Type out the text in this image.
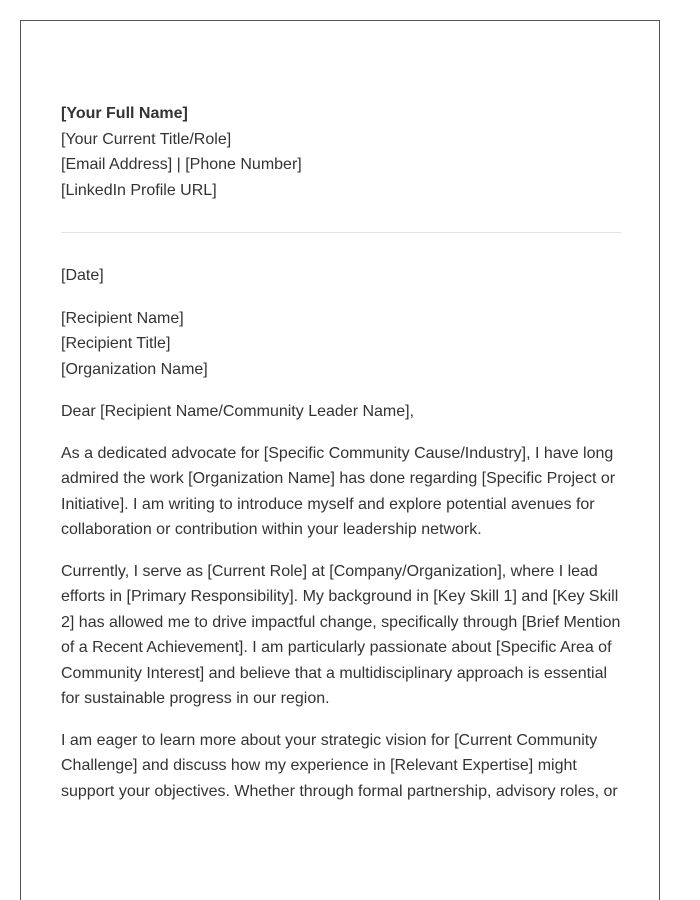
[Your Full Name]

[Your Current Title/Role]

[Email Address] | [Phone Number]

[LinkedIn Profile URL]

[Date]

[Recipient Name]

[Recipient Title]

[Organization Name]

Dear [Recipient Name/Community Leader Name],

As a dedicated advocate for [Specific Community Cause/Industry], I have long admired the work [Organization Name] has done regarding [Specific Project or Initiative]. I am writing to introduce myself and explore potential avenues for collaboration or contribution within your leadership network.

Currently, I serve as [Current Role] at [Company/Organization], where I lead efforts in [Primary Responsibility]. My background in [Key Skill 1] and [Key Skill 2] has allowed me to drive impactful change, specifically through [Brief Mention of a Recent Achievement]. I am particularly passionate about [Specific Area of Community Interest] and believe that a multidisciplinary approach is essential for sustainable progress in our region.

I am eager to learn more about your strategic vision for [Current Community Challenge] and discuss how my experience in [Relevant Expertise] might support your objectives. Whether through formal partnership, advisory roles, or
